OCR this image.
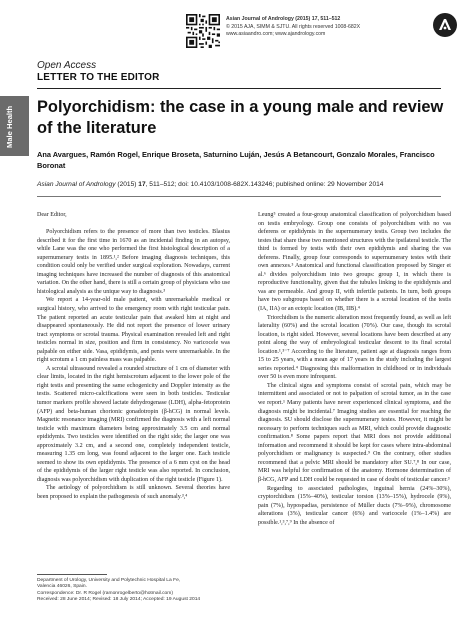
Asian Journal of Andrology (2015) 17, 511–512
© 2015 AJA, SIMM & SJTU. All rights reserved 1008-682X
www.asiaandro.com; www.ajandrology.com
Open Access
LETTER TO THE EDITOR
Male Health Polyorchidism: the case in a young male and review of the literature
Ana Avargues, Ramón Rogel, Enrique Broseta, Saturnino Luján, Jesús A Betancourt, Gonzalo Morales, Francisco Boronat
Asian Journal of Andrology (2015) 17, 511–512; doi: 10.4103/1008-682X.143246; published online: 29 November 2014

Dear Editor,

Polyorchidism refers to the presence of more than two testicles. Blasius described it for the first time in 1670 as an incidental finding in an autopsy, while Lane was the one who performed the first histological description of a supernumerary testis in 1895.¹,² Before imaging diagnosis techniques, this condition could only be verified under surgical exploration. Nowadays, current imaging techniques have increased the number of diagnosis of this anatomical variation. On the other hand, there is still a certain group of physicians who use histological analysis as the unique way to diagnosis.³

We report a 14-year-old male patient, with unremarkable medical or surgical history, who arrived to the emergency room with right testicular pain. The patient reported an acute testicular pain that awaked him at night and disappeared spontaneously. He did not report the presence of lower urinary tract symptoms or scrotal trauma. Physical examination revealed left and right testicles normal in size, position and firm in consistency. No varicocele was palpable on either side. Vasa, epididymis, and penis were unremarkable. In the right scrotum a 1 cm painless mass was palpable.

A scrotal ultrasound revealed a rounded structure of 1 cm of diameter with clear limits, located in the right hemiscrotum adjacent to the lower pole of the right testis and presenting the same echogenicity and Doppler intensity as the testis. Scattered micro-calcifications were seen in both testicles. Testicular tumor markers profile showed lactate dehydrogenase (LDH), alpha-fetoprotein (AFP) and beta-human chorionic gonadotropin (β-hCG) in normal levels. Magnetic resonance imaging (MRI) confirmed the diagnosis with a left normal testicle with maximum diameters being approximately 3.5 cm and normal epididymis. Two testicles were identified on the right side; the larger one was approximately 3.2 cm, and a second one, completely independent testicle, measuring 1.35 cm long, was found adjacent to the larger one. Each testicle seemed to show its own epididymis. The presence of a 6 mm cyst on the head of the epididymis of the larger right testicle was also reported. In conclusion, diagnosis was polyorchidism with duplication of the right testicle (Figure 1).

The aetiology of polyorchidism is still unknown. Several theories have been proposed to explain the pathogenesis of such anomaly.³,⁴

Leung⁵ created a four-group anatomical classification of polyorchidism based on testis embryology. Group one consists of polyorchidism with no vas deferens or epididymis in the supernumerary testis. Group two includes the testes that share these two mentioned structures with the ipsilateral testicle. The third is formed by testis with their own epididymis and sharing the vas deferens. Finally, group four corresponds to supernumerary testes with their own annexes.³ Anatomical and functional classification proposed by Singer et al.⁶ divides polyorchidism into two groups: group I, in which there is reproductive functionality, given that the tubules linking to the epididymis and vas are permeable. And group II, with infertile patients. In turn, both groups have two subgroups based on whether there is a scrotal location of the testis (IA, IIA) or an ectopic location (IB, IIB).⁴

Triorchidism is the numeric alteration most frequently found, as well as left laterality (60%) and the scrotal location (70%). Our case, though its scrotal location, is right sided. However, several locations have been described at any point along the way of embryological testicular descent to its final scrotal location.¹,³⁻⁷ According to the literature, patient age at diagnosis ranges from 15 to 25 years, with a mean age of 17 years in the study including the largest series reported.⁴ Diagnosing this malformation in childhood or in individuals over 50 is even more infrequent.

The clinical signs and symptoms consist of scrotal pain, which may be intermittent and associated or not to palpation of scrotal tumor, as in the case we report.¹ Many patients have never experienced clinical symptoms, and the diagnosis might be incidental.⁷ Imaging studies are essential for reaching the diagnosis. SU should disclose the supernumerary testes. However, it might be necessary to perform techniques such as MRI, which could provide diagnostic confirmation.⁸ Some papers report that MRI does not provide additional information and recommend it should be kept for cases where intra-abdominal polyorchidism or malignancy is suspected.⁹ On the contrary, other studies recommend that a pelvic MRI should be mandatory after SU.⁷,⁸ In our case, MRI was helpful for confirmation of the anatomy. Hormone determination of β-hCG, AFP and LDH could be requested in case of doubt of testicular cancer.³

Regarding to associated pathologies, inguinal hernia (24%–30%), cryptorchidism (15%–40%), testicular torsion (13%–15%), hydrocele (9%), pain (7%), hypospadias, persistence of Müller ducts (7%–9%), chromosome alterations (3%), testicular cancer (6%) and varicocele (1%–1.4%) are possible.¹,³,⁷,⁹ In the absence of

Department of Urology, University and Polytechnic Hospital La Fe,
Valencia 46026, Spain.
Correspondence: Dr. R Rogel (ramonrogelberto@hotmail.com)
Received: 28 June 2014; Revised: 18 July 2014; Accepted: 19 August 2014
